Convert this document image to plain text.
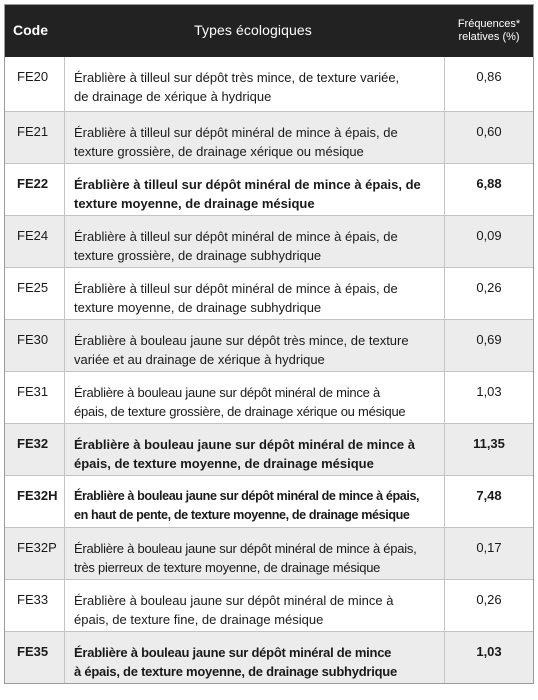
Code	Types écologiques	Fréquences*
relatives (%)
FE20	Érablière à tilleul sur dépôt très mince, de texture variée,
de drainage de xérique à hydrique
0,86
FE21	Érablière à tilleul sur dépôt minéral de mince à épais, de
texture grossière, de drainage xérique ou mésique
0,60
FE22	Érablière à tilleul sur dépôt minéral de mince à épais, de
texture moyenne, de drainage mésique
6,88
FE24	Érablière à tilleul sur dépôt minéral de mince à épais, de
texture grossière, de drainage subhydrique
0,09
FE25	Érablière à tilleul sur dépôt minéral de mince à épais, de
texture moyenne, de drainage subhydrique
0,26
FE30	Érablière à bouleau jaune sur dépôt très mince, de texture
variée et au drainage de xérique à hydrique
0,69
FE31	Érablière à bouleau jaune sur dépôt minéral de mince à
épais, de texture grossière, de drainage xérique ou mésique
1,03
FE32	Érablière à bouleau jaune sur dépôt minéral de mince à
épais, de texture moyenne, de drainage mésique
11,35
FE32H	Érablière à bouleau jaune sur dépôt minéral de mince à épais,
en haut de pente, de texture moyenne, de drainage mésique
7,48
FE32P	Érablière à bouleau jaune sur dépôt minéral de mince à épais,
très pierreux de texture moyenne, de drainage mésique
0,17
FE33	Érablière à bouleau jaune sur dépôt minéral de mince à
épais, de texture fine, de drainage mésique
0,26
FE35	Érablière à bouleau jaune sur dépôt minéral de mince
à épais, de texture moyenne, de drainage subhydrique
1,03
